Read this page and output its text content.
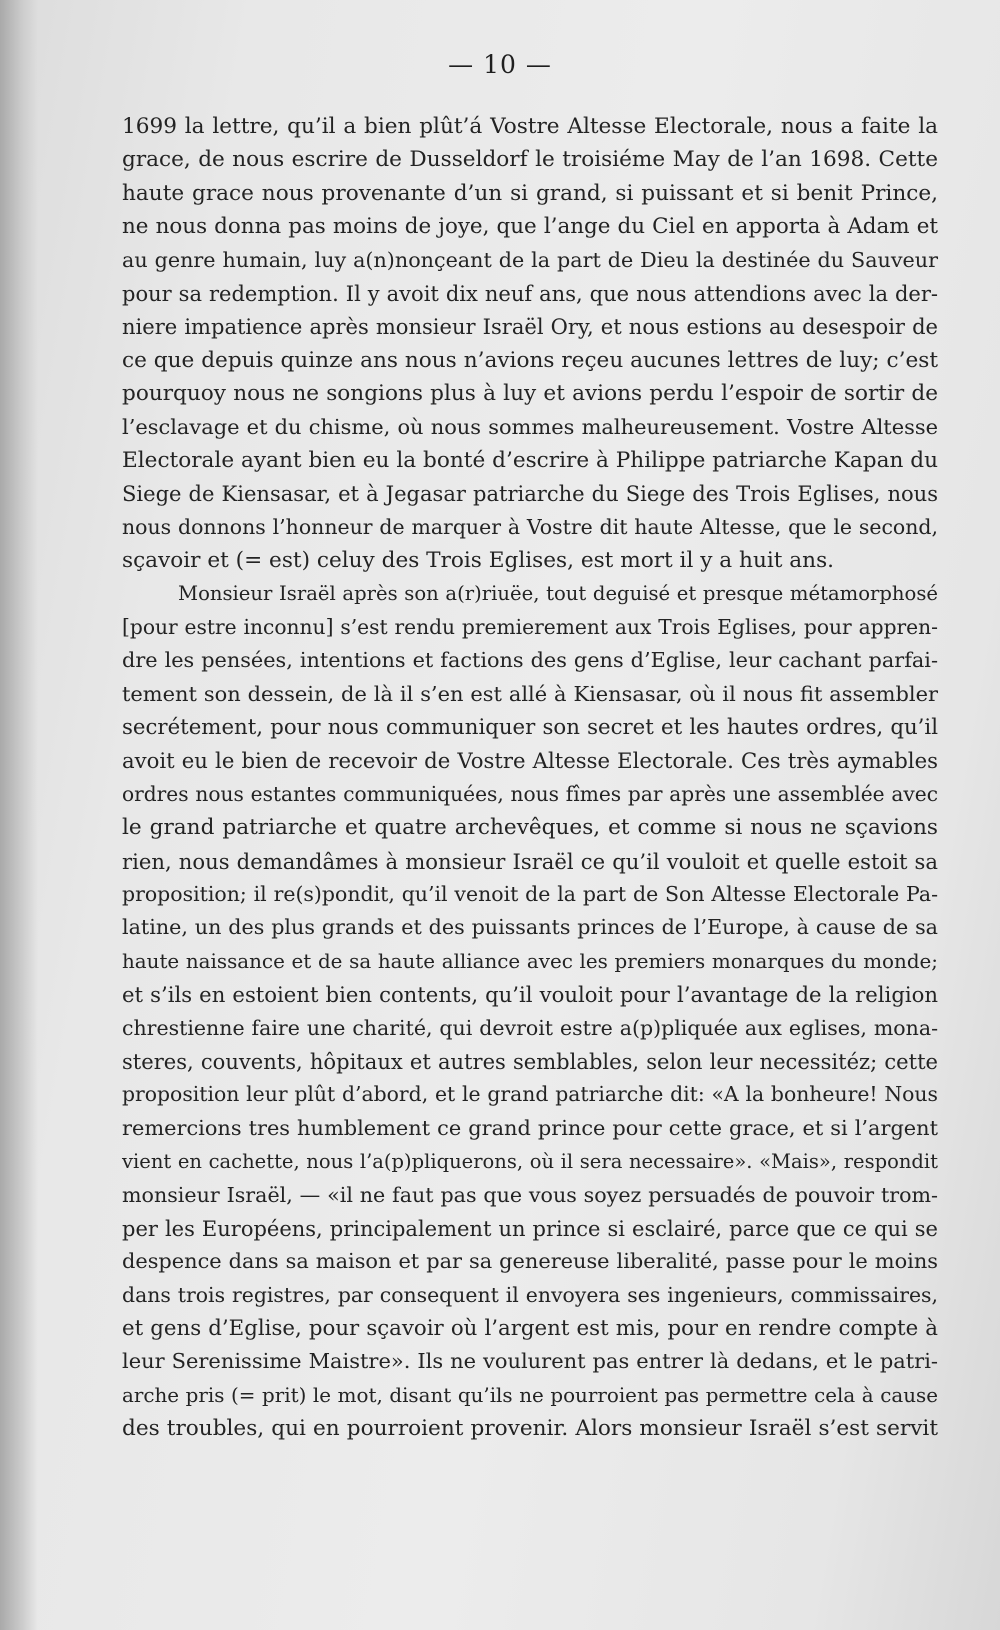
— 10 —
1699 la lettre, qu’il a bien plût’á Vostre Altesse Electorale, nous a faite la
grace, de nous escrire de Dusseldorf le troisiéme May de l’an 1698. Cette
haute grace nous provenante d’un si grand, si puissant et si benit Prince,
ne nous donna pas moins de joye, que l’ange du Ciel en apporta à Adam et
au genre humain, luy a(n)nonçeant de la part de Dieu la destinée du Sauveur
pour sa redemption. Il y avoit dix neuf ans, que nous attendions avec la der-
niere impatience après monsieur Israël Ory, et nous estions au desespoir de
ce que depuis quinze ans nous n’avions reçeu aucunes lettres de luy; c’est
pourquoy nous ne songions plus à luy et avions perdu l’espoir de sortir de
l’esclavage et du chisme, où nous sommes malheureusement. Vostre Altesse
Electorale ayant bien eu la bonté d’escrire à Philippe patriarche Kapan du
Siege de Kiensasar, et à Jegasar patriarche du Siege des Trois Eglises, nous
nous donnons l’honneur de marquer à Vostre dit haute Altesse, que le second,
sçavoir et (= est) celuy des Trois Eglises, est mort il y a huit ans.
Monsieur Israël après son a(r)riuëe, tout deguisé et presque métamorphosé
[pour estre inconnu] s’est rendu premierement aux Trois Eglises, pour appren-
dre les pensées, intentions et factions des gens d’Eglise, leur cachant parfai-
tement son dessein, de là il s’en est allé à Kiensasar, où il nous fit assembler
secrétement, pour nous communiquer son secret et les hautes ordres, qu’il
avoit eu le bien de recevoir de Vostre Altesse Electorale. Ces très aymables
ordres nous estantes communiquées, nous fîmes par après une assemblée avec
le grand patriarche et quatre archevêques, et comme si nous ne sçavions
rien, nous demandâmes à monsieur Israël ce qu’il vouloit et quelle estoit sa
proposition; il re(s)pondit, qu’il venoit de la part de Son Altesse Electorale Pa-
latine, un des plus grands et des puissants princes de l’Europe, à cause de sa
haute naissance et de sa haute alliance avec les premiers monarques du monde;
et s’ils en estoient bien contents, qu’il vouloit pour l’avantage de la religion
chrestienne faire une charité, qui devroit estre a(p)pliquée aux eglises, mona-
steres, couvents, hôpitaux et autres semblables, selon leur necessitéz; cette
proposition leur plût d’abord, et le grand patriarche dit: «A la bonheure! Nous
remercions tres humblement ce grand prince pour cette grace, et si l’argent
vient en cachette, nous l’a(p)pliquerons, où il sera necessaire». «Mais», respondit
monsieur Israël, — «il ne faut pas que vous soyez persuadés de pouvoir trom-
per les Européens, principalement un prince si esclairé, parce que ce qui se
despence dans sa maison et par sa genereuse liberalité, passe pour le moins
dans trois registres, par consequent il envoyera ses ingenieurs, commissaires,
et gens d’Eglise, pour sçavoir où l’argent est mis, pour en rendre compte à
leur Serenissime Maistre». Ils ne voulurent pas entrer là dedans, et le patri-
arche pris (= prit) le mot, disant qu’ils ne pourroient pas permettre cela à cause
des troubles, qui en pourroient provenir. Alors monsieur Israël s’est servit
